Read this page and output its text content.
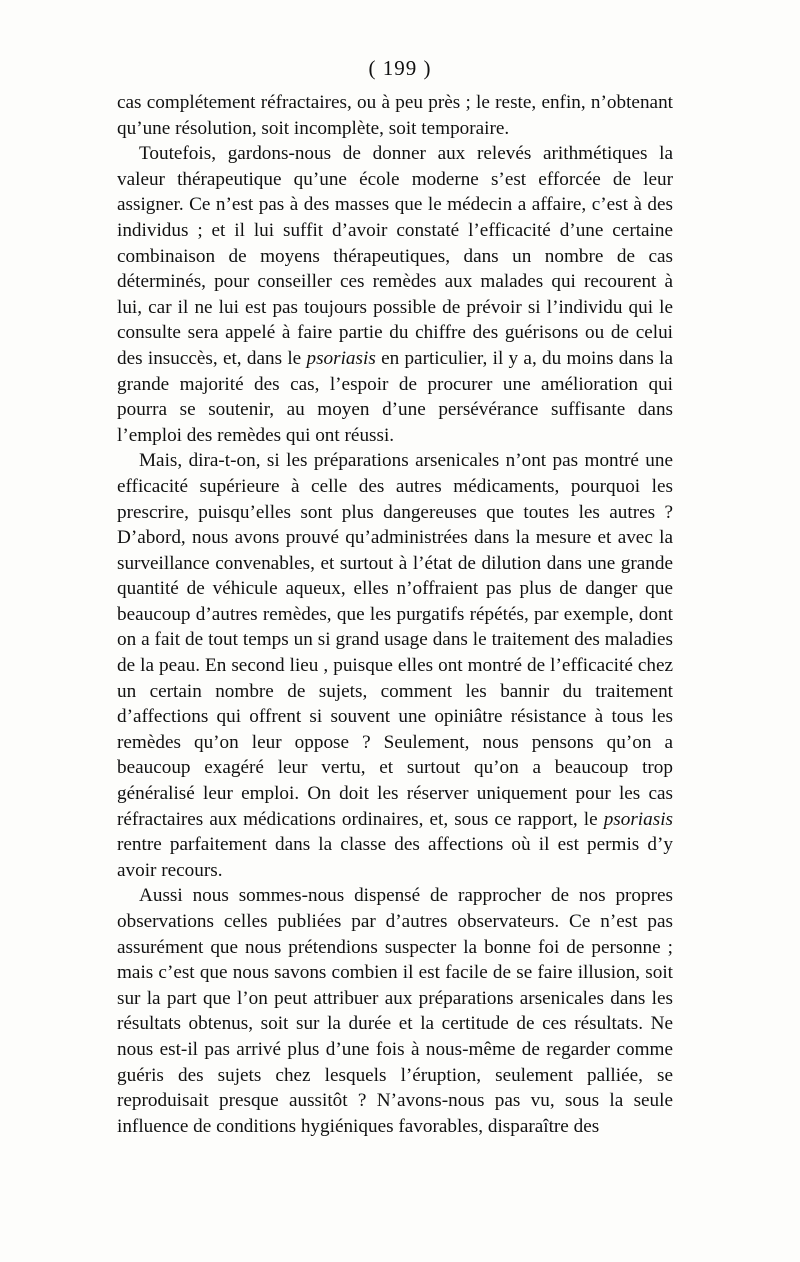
( 199 )

cas complétement réfractaires, ou à peu près ; le reste, enfin, n’obtenant qu’une résolution, soit incomplète, soit temporaire.

Toutefois, gardons-nous de donner aux relevés arithmétiques la valeur thérapeutique qu’une école moderne s’est efforcée de leur assigner. Ce n’est pas à des masses que le médecin a affaire, c’est à des individus ; et il lui suffit d’avoir constaté l’efficacité d’une certaine combinaison de moyens thérapeutiques, dans un nombre de cas déterminés, pour conseiller ces remèdes aux malades qui recourent à lui, car il ne lui est pas toujours possible de prévoir si l’individu qui le consulte sera appelé à faire partie du chiffre des guérisons ou de celui des insuccès, et, dans le psoriasis en particulier, il y a, du moins dans la grande majorité des cas, l’espoir de procurer une amélioration qui pourra se soutenir, au moyen d’une persévérance suffisante dans l’emploi des remèdes qui ont réussi.

Mais, dira-t-on, si les préparations arsenicales n’ont pas montré une efficacité supérieure à celle des autres médicaments, pourquoi les prescrire, puisqu’elles sont plus dangereuses que toutes les autres ? D’abord, nous avons prouvé qu’administrées dans la mesure et avec la surveillance convenables, et surtout à l’état de dilution dans une grande quantité de véhicule aqueux, elles n’offraient pas plus de danger que beaucoup d’autres remèdes, que les purgatifs répétés, par exemple, dont on a fait de tout temps un si grand usage dans le traitement des maladies de la peau. En second lieu , puisque elles ont montré de l’efficacité chez un certain nombre de sujets, comment les bannir du traitement d’affections qui offrent si souvent une opiniâtre résistance à tous les remèdes qu’on leur oppose ? Seulement, nous pensons qu’on a beaucoup exagéré leur vertu, et surtout qu’on a beaucoup trop généralisé leur emploi. On doit les réserver uniquement pour les cas réfractaires aux médications ordinaires, et, sous ce rapport, le psoriasis rentre parfaitement dans la classe des affections où il est permis d’y avoir recours.

Aussi nous sommes-nous dispensé de rapprocher de nos propres observations celles publiées par d’autres observateurs. Ce n’est pas assurément que nous prétendions suspecter la bonne foi de personne ; mais c’est que nous savons combien il est facile de se faire illusion, soit sur la part que l’on peut attribuer aux préparations arsenicales dans les résultats obtenus, soit sur la durée et la certitude de ces résultats. Ne nous est-il pas arrivé plus d’une fois à nous-même de regarder comme guéris des sujets chez lesquels l’éruption, seulement palliée, se reproduisait presque aussitôt ? N’avons-nous pas vu, sous la seule influence de conditions hygiéniques favorables, disparaître des
